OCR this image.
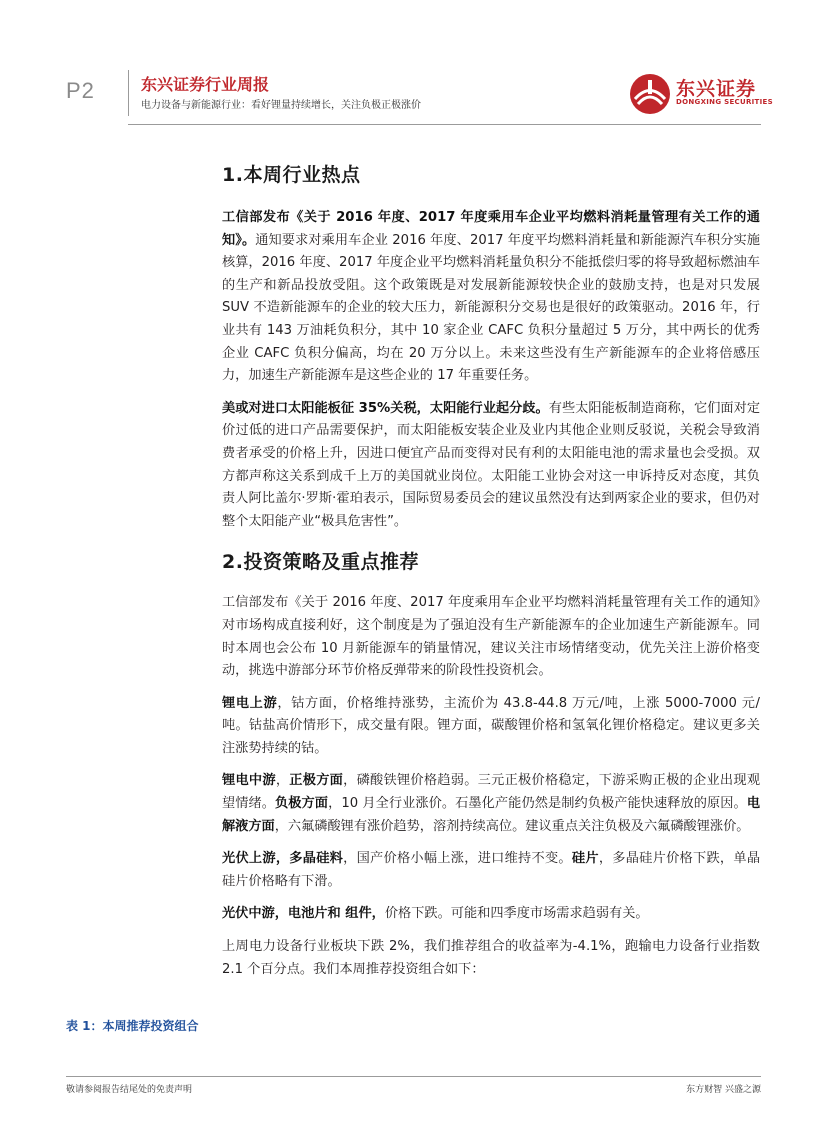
P2	东兴证券行业周报
电力设备与新能源行业：看好锂量持续增长，关注负极正极涨价
东兴证券
DONGXING SECURITIES
1.本周行业热点

工信部发布《关于 2016 年度、2017 年度乘用车企业平均燃料消耗量管理有关工作的通知》。通知要求对乘用车企业 2016 年度、2017 年度平均燃料消耗量和新能源汽车积分实施核算，2016 年度、2017 年度企业平均燃料消耗量负积分不能抵偿归零的将导致超标燃油车的生产和新品投放受阻。这个政策既是对发展新能源较快企业的鼓励支持，也是对只发展 SUV 不造新能源车的企业的较大压力，新能源积分交易也是很好的政策驱动。2016 年，行业共有 143 万油耗负积分，其中 10 家企业 CAFC 负积分量超过 5 万分，其中两长的优秀企业 CAFC 负积分偏高，均在 20 万分以上。未来这些没有生产新能源车的企业将倍感压力，加速生产新能源车是这些企业的 17 年重要任务。

美或对进口太阳能板征 35%关税，太阳能行业起分歧。有些太阳能板制造商称，它们面对定价过低的进口产品需要保护，而太阳能板安装企业及业内其他企业则反驳说，关税会导致消费者承受的价格上升，因进口便宜产品而变得对民有利的太阳能电池的需求量也会受损。双方都声称这关系到成千上万的美国就业岗位。太阳能工业协会对这一申诉持反对态度，其负责人阿比盖尔·罗斯·霍珀表示，国际贸易委员会的建议虽然没有达到两家企业的要求，但仍对整个太阳能产业“极具危害性”。

2.投资策略及重点推荐

工信部发布《关于 2016 年度、2017 年度乘用车企业平均燃料消耗量管理有关工作的通知》对市场构成直接利好，这个制度是为了强迫没有生产新能源车的企业加速生产新能源车。同时本周也会公布 10 月新能源车的销量情况，建议关注市场情绪变动，优先关注上游价格变动，挑选中游部分环节价格反弹带来的阶段性投资机会。

锂电上游，钴方面，价格维持涨势，主流价为 43.8-44.8 万元/吨，上涨 5000-7000 元/吨。钴盐高价情形下，成交量有限。锂方面，碳酸锂价格和氢氧化锂价格稳定。建议更多关注涨势持续的钴。

锂电中游，正极方面，磷酸铁锂价格趋弱。三元正极价格稳定，下游采购正极的企业出现观望情绪。负极方面，10 月全行业涨价。石墨化产能仍然是制约负极产能快速释放的原因。电解液方面，六氟磷酸锂有涨价趋势，溶剂持续高位。建议重点关注负极及六氟磷酸锂涨价。

光伏上游，多晶硅料，国产价格小幅上涨，进口维持不变。硅片，多晶硅片价格下跌，单晶硅片价格略有下滑。

光伏中游，电池片和 组件，价格下跌。可能和四季度市场需求趋弱有关。

上周电力设备行业板块下跌 2%，我们推荐组合的收益率为-4.1%，跑输电力设备行业指数 2.1 个百分点。我们本周推荐投资组合如下：

表 1：本周推荐投资组合
敬请参阅报告结尾处的免责声明	东方财智 兴盛之源
